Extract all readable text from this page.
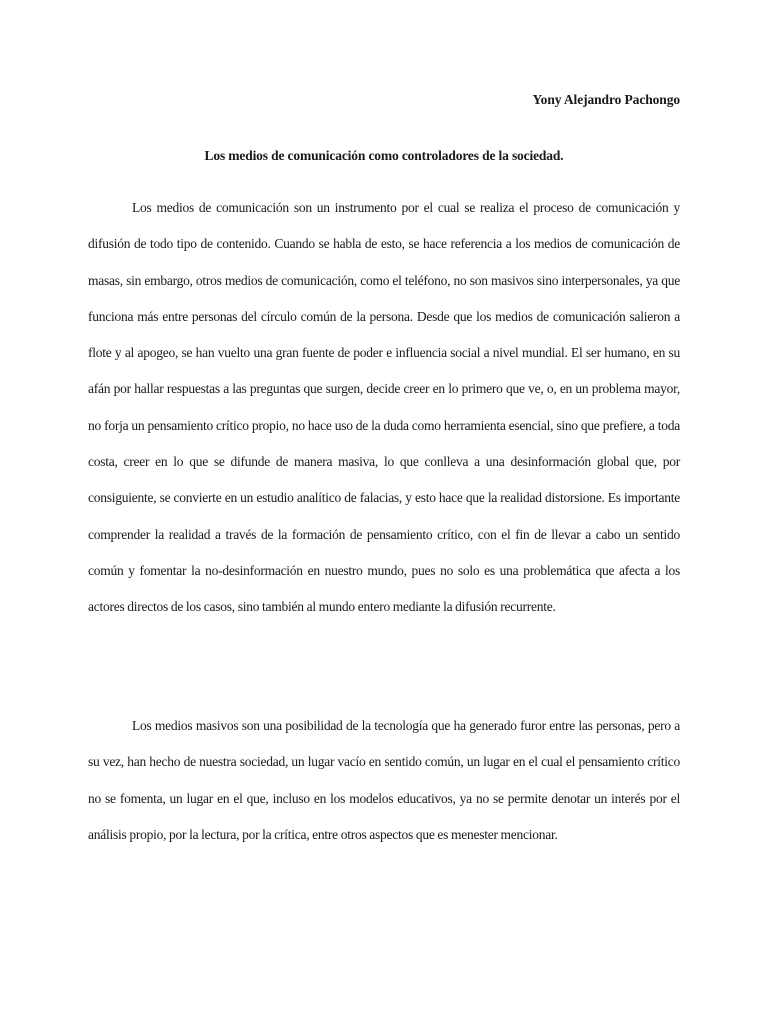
Yony Alejandro Pachongo
Los medios de comunicación como controladores de la sociedad.

Los medios de comunicación son un instrumento por el cual se realiza el proceso de comunicación y difusión de todo tipo de contenido. Cuando se habla de esto, se hace referencia a los medios de comunicación de masas, sin embargo, otros medios de comunicación, como el teléfono, no son masivos sino interpersonales, ya que funciona más entre personas del círculo común de la persona. Desde que los medios de comunicación salieron a flote y al apogeo, se han vuelto una gran fuente de poder e influencia social a nivel mundial. El ser humano, en su afán por hallar respuestas a las preguntas que surgen, decide creer en lo primero que ve, o, en un problema mayor, no forja un pensamiento crítico propio, no hace uso de la duda como herramienta esencial, sino que prefiere, a toda costa, creer en lo que se difunde de manera masiva, lo que conlleva a una desinformación global que, por consiguiente, se convierte en un estudio analítico de falacias, y esto hace que la realidad distorsione. Es importante comprender la realidad a través de la formación de pensamiento crítico, con el fin de llevar a cabo un sentido común y fomentar la no-desinformación en nuestro mundo, pues no solo es una problemática que afecta a los actores directos de los casos, sino también al mundo entero mediante la difusión recurrente.

Los medios masivos son una posibilidad de la tecnología que ha generado furor entre las personas, pero a su vez, han hecho de nuestra sociedad, un lugar vacío en sentido común, un lugar en el cual el pensamiento crítico no se fomenta, un lugar en el que, incluso en los modelos educativos, ya no se permite denotar un interés por el análisis propio, por la lectura, por la crítica, entre otros aspectos que es menester mencionar.
